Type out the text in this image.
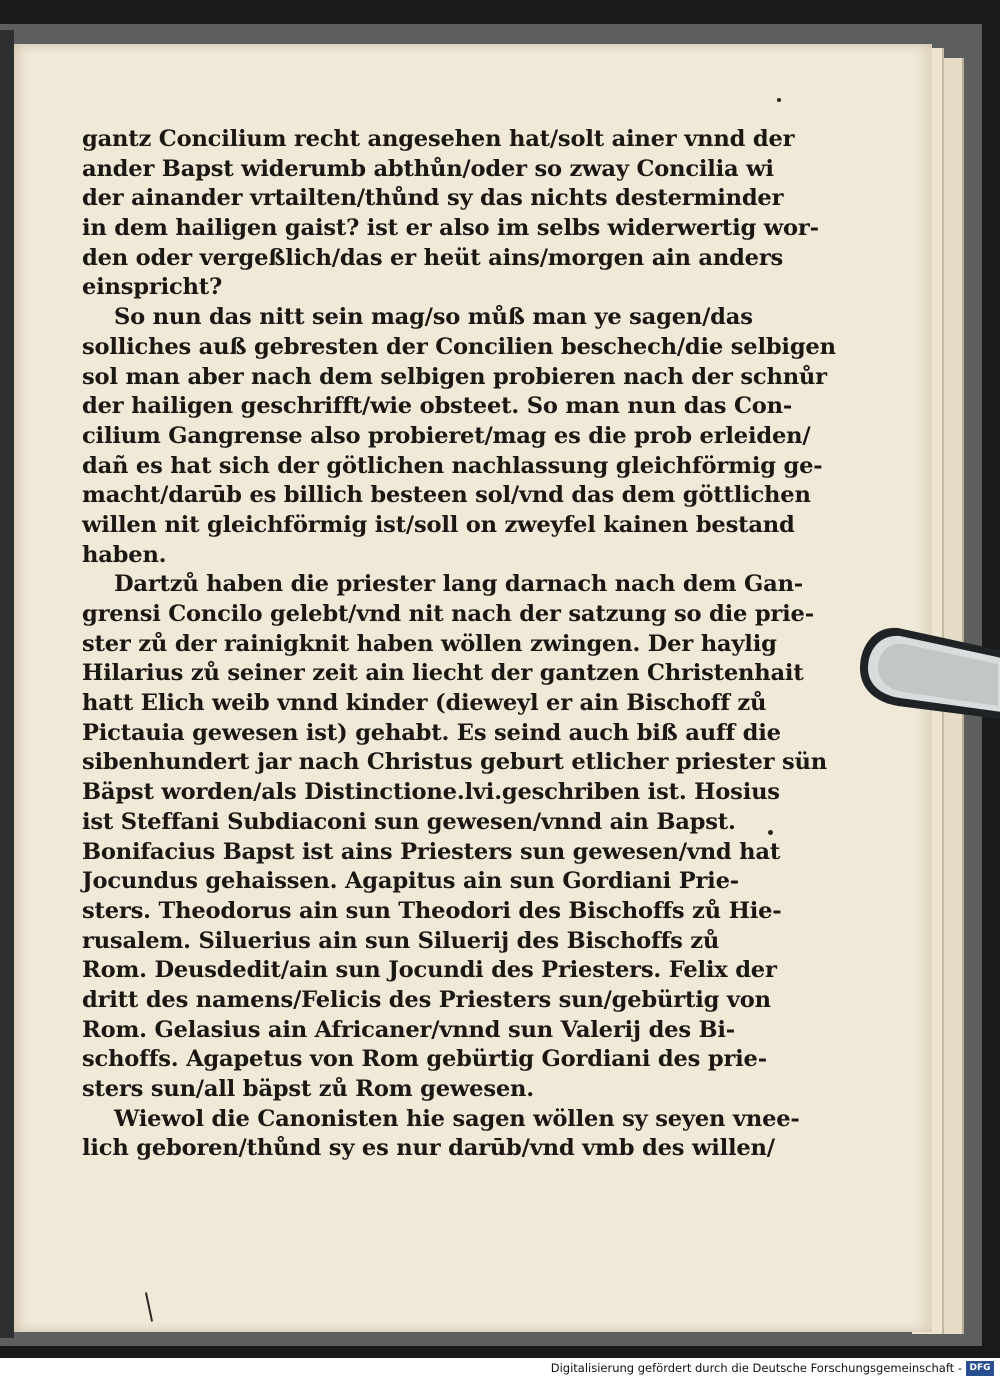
gantz Concilium recht angesehen hat/solt ainer vnnd der
ander Bapst widerumb abthůn/oder so zway Concilia wi
der ainander vrtailten/thůnd sy das nichts desterminder
in dem hailigen gaist? ist er also im selbs widerwertig wor-
den oder vergeßlich/das er heüt ains/morgen ain anders
einspricht?
So nun das nitt sein mag/so můß man ye sagen/das
solliches auß gebresten der Concilien beschech/die selbigen
sol man aber nach dem selbigen probieren nach der schnůr
der hailigen geschrifft/wie obsteet. So man nun das Con-
cilium Gangrense also probieret/mag es die prob erleiden/
dañ es hat sich der götlichen nachlassung gleichförmig ge-
macht/darūb es billich besteen sol/vnd das dem göttlichen
willen nit gleichförmig ist/soll on zweyfel kainen bestand
haben.
Dartzů haben die priester lang darnach nach dem Gan-
grensi Concilo gelebt/vnd nit nach der satzung so die prie-
ster zů der rainigknit haben wöllen zwingen. Der haylig
Hilarius zů seiner zeit ain liecht der gantzen Christenhait
hatt Elich weib vnnd kinder (dieweyl er ain Bischoff zů
Pictauia gewesen ist) gehabt. Es seind auch biß auff die
sibenhundert jar nach Christus geburt etlicher priester sün
Bäpst worden/als Distinctione.lvi.geschriben ist. Hosius
ist Steffani Subdiaconi sun gewesen/vnnd ain Bapst.
Bonifacius Bapst ist ains Priesters sun gewesen/vnd hat
Jocundus gehaissen. Agapitus ain sun Gordiani Prie-
sters. Theodorus ain sun Theodori des Bischoffs zů Hie-
rusalem. Siluerius ain sun Siluerij des Bischoffs zů
Rom. Deusdedit/ain sun Jocundi des Priesters. Felix der
dritt des namens/Felicis des Priesters sun/gebürtig von
Rom. Gelasius ain Africaner/vnnd sun Valerij des Bi-
schoffs. Agapetus von Rom gebürtig Gordiani des prie-
sters sun/all bäpst zů Rom gewesen.
Wiewol die Canonisten hie sagen wöllen sy seyen vnee-
lich geboren/thůnd sy es nur darūb/vnd vmb des willen/
Digitalisierung gefördert durch die Deutsche Forschungsgemeinschaft - DFG
